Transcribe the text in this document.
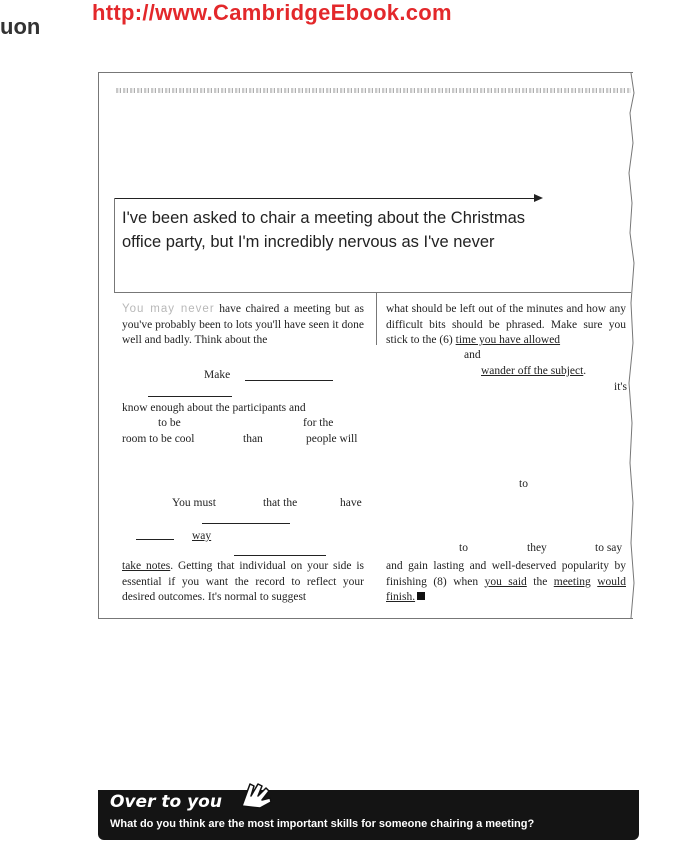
http://www.CambridgeEbook.com
uon
I've been asked to chair a meeting about the Christmas office party, but I'm incredibly nervous as I've never
You may never have chaired a meeting but as you've probably been to lots you'll have seen it done well and badly. Think about the
Make
know enough about the participants and
to be	for the
room to be cool	than	people will
You must	that the	have
way
take notes. Getting that individual on your side is essential if you want the record to reflect your desired outcomes. It's normal to suggest
what should be left out of the minutes and how any difficult bits should be phrased. Make sure you stick to the (6) time you have allowed
and
wander off the subject.
it's
to
to	they	to say
and gain lasting and well-deserved popularity by finishing (8) when you said the meeting would finish.
Over to you
What do you think are the most important skills for someone chairing a meeting?
